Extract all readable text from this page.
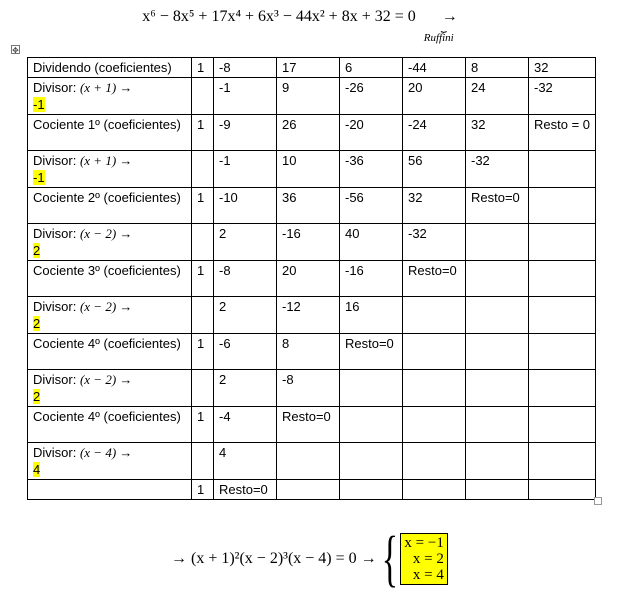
x⁶ − 8x⁵ + 17x⁴ + 6x³ − 44x² + 8x + 32 = 0 →
⏟
Ruffini
✥
Dividendo (coeficientes)	1	-8	17	6	-44	8	32
Divisor: (x + 1) →
-1		-1	9	-26	20	24	-32
Cociente 1º (coeficientes)	1	-9	26	-20	-24	32	Resto = 0
Divisor: (x + 1) →
-1		-1	10	-36	56	-32	
Cociente 2º (coeficientes)	1	-10	36	-56	32	Resto=0	
Divisor: (x − 2) →
2		2	-16	40	-32		
Cociente 3º (coeficientes)	1	-8	20	-16	Resto=0		
Divisor: (x − 2) →
2		2	-12	16			
Cociente 4º (coeficientes)	1	-6	8	Resto=0			
Divisor: (x − 2) →
2		2	-8				
Cociente 4º (coeficientes)	1	-4	Resto=0				
Divisor: (x − 4) →
4		4					
	1	Resto=0					
→ (x + 1)²(x − 2)³(x − 4) = 0 → { x = −1
x = 2
x = 4
